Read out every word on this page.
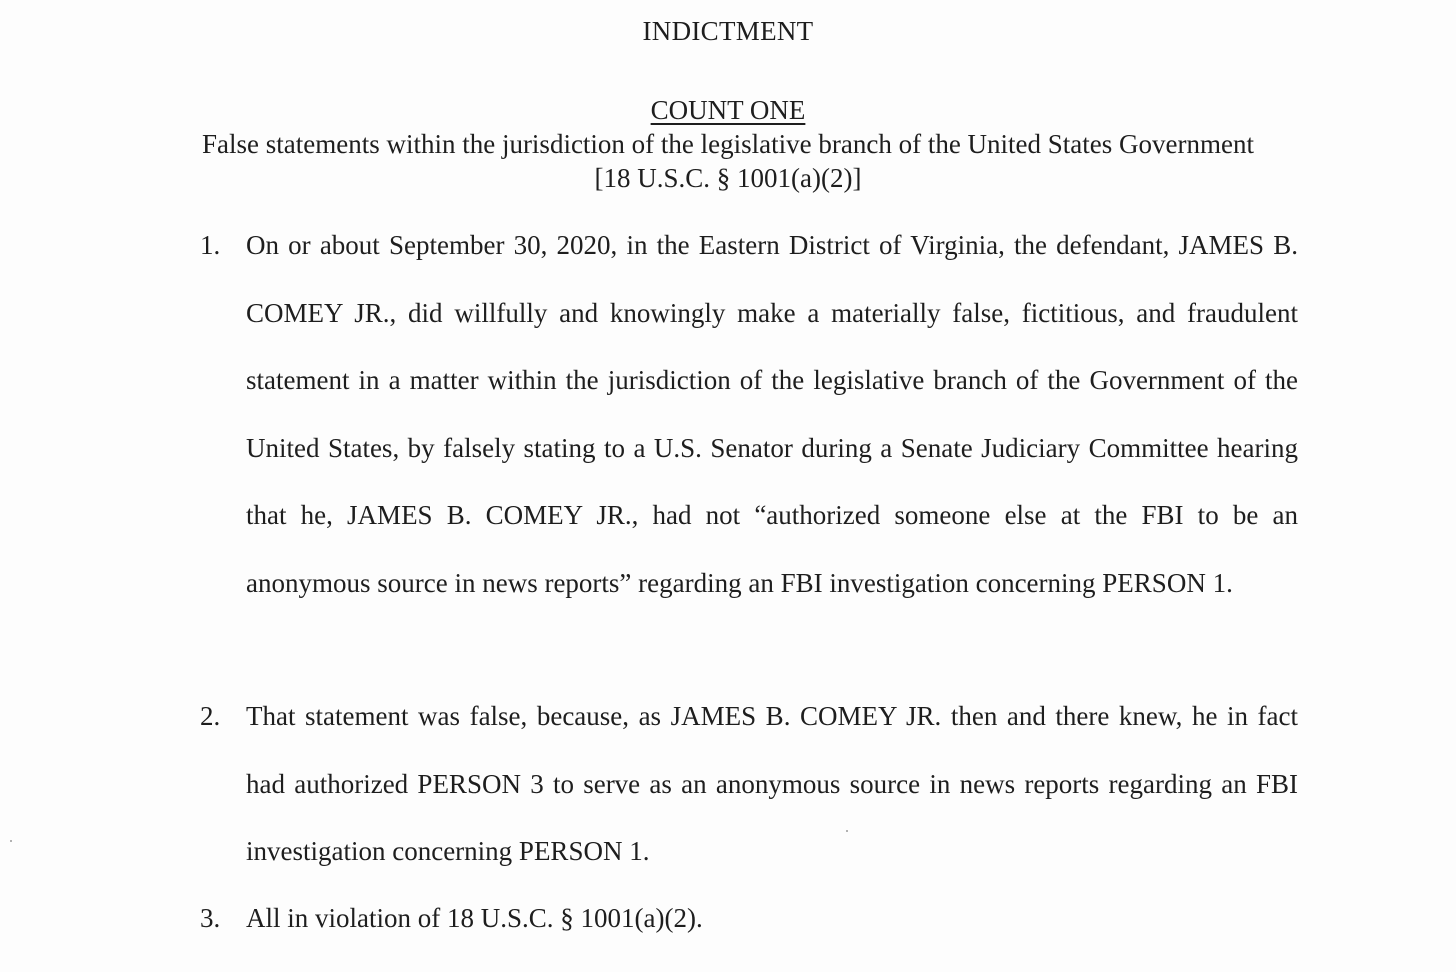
INDICTMENT
COUNT ONE
False statements within the jurisdiction of the legislative branch of the United States Government
[18 U.S.C. § 1001(a)(2)]
1. On or about September 30, 2020, in the Eastern District of Virginia, the defendant, JAMES B. COMEY JR., did willfully and knowingly make a materially false, fictitious, and fraudulent statement in a matter within the jurisdiction of the legislative branch of the Government of the United States, by falsely stating to a U.S. Senator during a Senate Judiciary Committee hearing that he, JAMES B. COMEY JR., had not “authorized someone else at the FBI to be an anonymous source in news reports” regarding an FBI investigation concerning PERSON 1.
2. That statement was false, because, as JAMES B. COMEY JR. then and there knew, he in fact had authorized PERSON 3 to serve as an anonymous source in news reports regarding an FBI investigation concerning PERSON 1.
3. All in violation of 18 U.S.C. § 1001(a)(2).
